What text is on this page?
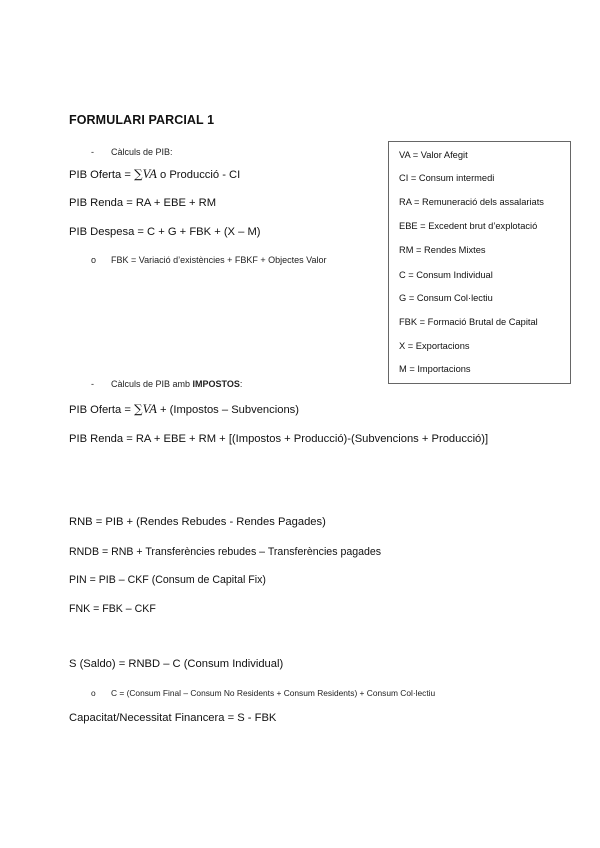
FORMULARI PARCIAL 1
- Càlculs de PIB:
PIB Oferta = ∑VA o Producció - CI
PIB Renda = RA + EBE + RM
PIB Despesa = C + G + FBK + (X – M)
o FBK = Variació d’existències + FBKF + Objectes Valor
VA = Valor Afegit
CI = Consum intermedi
RA = Remuneració dels assalariats
EBE = Excedent brut d’explotació
RM = Rendes Mixtes
C = Consum Individual
G = Consum Col·lectiu
FBK = Formació Brutal de Capital
X = Exportacions
M = Importacions
- Càlculs de PIB amb IMPOSTOS:
PIB Oferta = ∑VA + (Impostos – Subvencions)
PIB Renda = RA + EBE + RM + [(Impostos + Producció)-(Subvencions + Producció)]
RNB = PIB + (Rendes Rebudes - Rendes Pagades)
RNDB = RNB + Transferències rebudes – Transferències pagades
PIN = PIB – CKF (Consum de Capital Fix)
FNK = FBK – CKF
S (Saldo) = RNBD – C (Consum Individual)
o C = (Consum Final – Consum No Residents + Consum Residents) + Consum Col·lectiu
Capacitat/Necessitat Financera = S - FBK
